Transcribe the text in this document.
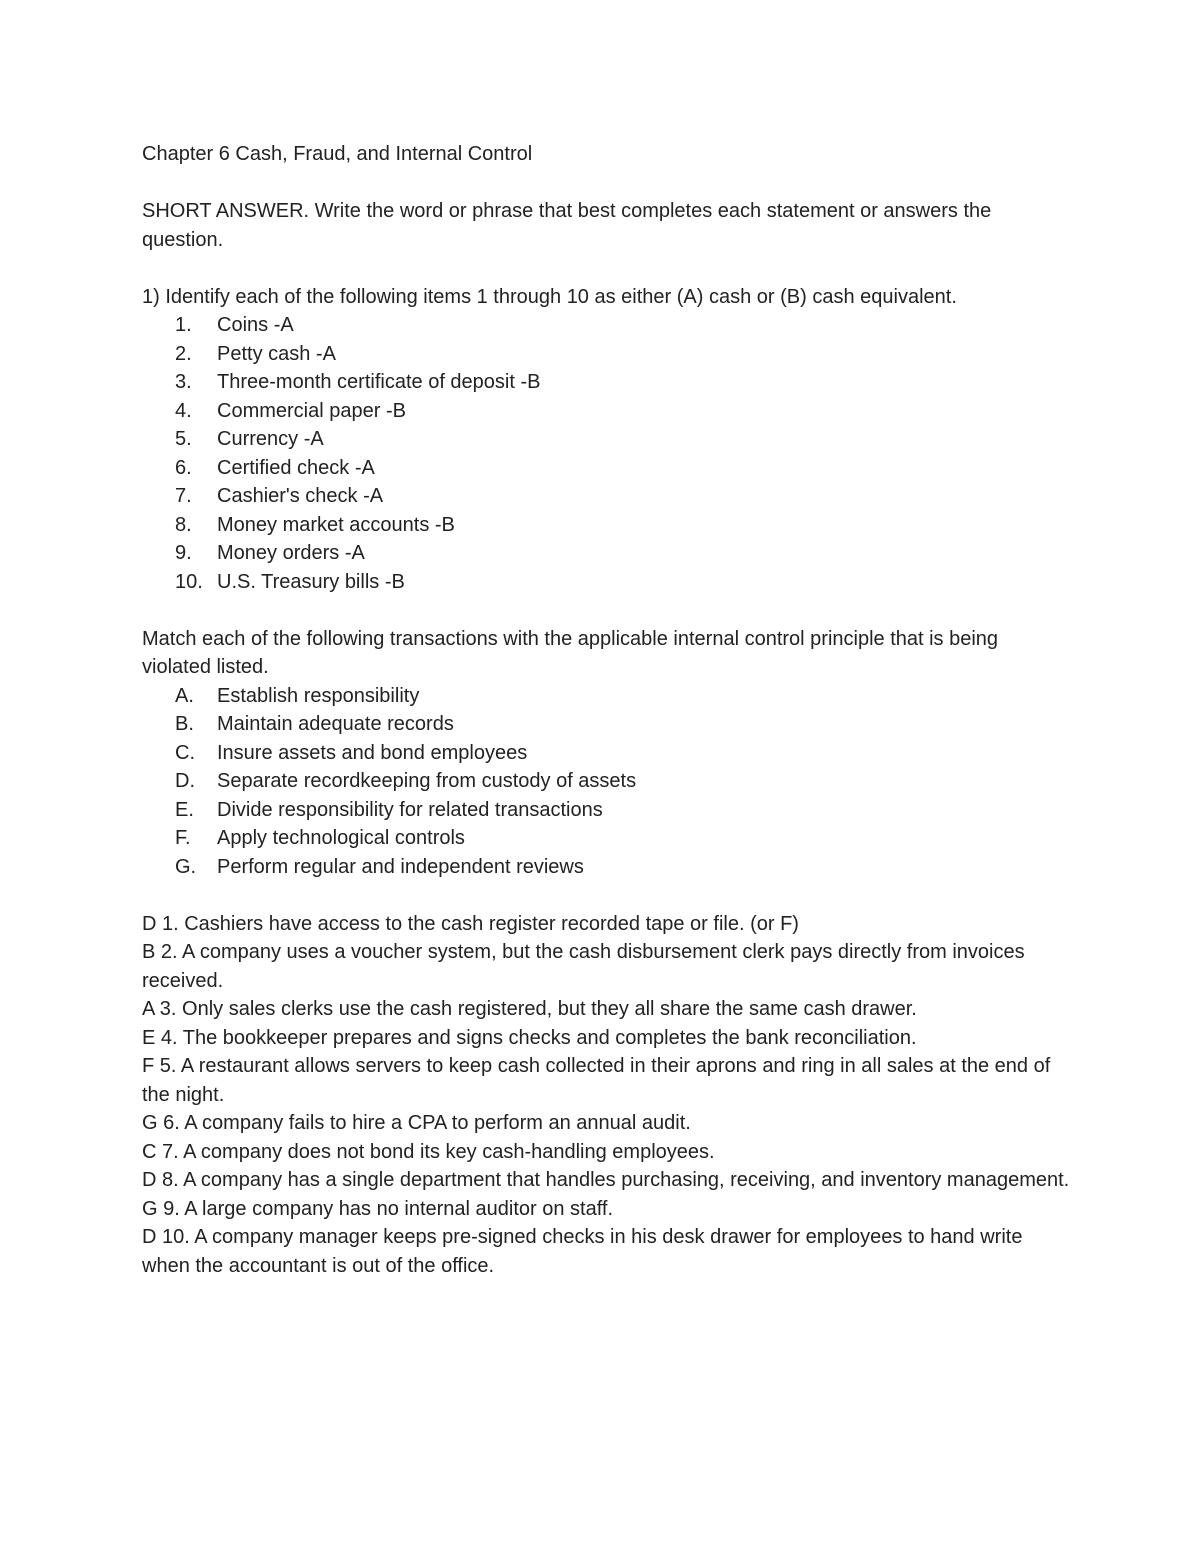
Chapter 6 Cash, Fraud, and Internal Control

SHORT ANSWER. Write the word or phrase that best completes each statement or answers the question.

1) Identify each of the following items 1 through 10 as either (A) cash or (B) cash equivalent.

1.	Coins -A
2.	Petty cash -A
3.	Three-month certificate of deposit -B
4.	Commercial paper -B
5.	Currency -A
6.	Certified check -A
7.	Cashier's check -A
8.	Money market accounts -B
9.	Money orders -A
10. U.S. Treasury bills -B

Match each of the following transactions with the applicable internal control principle that is being violated listed.

A.	Establish responsibility
B.	Maintain adequate records
C.	Insure assets and bond employees
D.	Separate recordkeeping from custody of assets
E.	Divide responsibility for related transactions
F.	Apply technological controls
G.	Perform regular and independent reviews

D 1. Cashiers have access to the cash register recorded tape or file. (or F)

B 2. A company uses a voucher system, but the cash disbursement clerk pays directly from invoices received.

A 3. Only sales clerks use the cash registered, but they all share the same cash drawer.

E 4. The bookkeeper prepares and signs checks and completes the bank reconciliation.

F 5. A restaurant allows servers to keep cash collected in their aprons and ring in all sales at the end of the night.

G 6. A company fails to hire a CPA to perform an annual audit.

C 7. A company does not bond its key cash-handling employees.

D 8. A company has a single department that handles purchasing, receiving, and inventory management.

G 9. A large company has no internal auditor on staff.

D 10. A company manager keeps pre-signed checks in his desk drawer for employees to hand write when the accountant is out of the office.
